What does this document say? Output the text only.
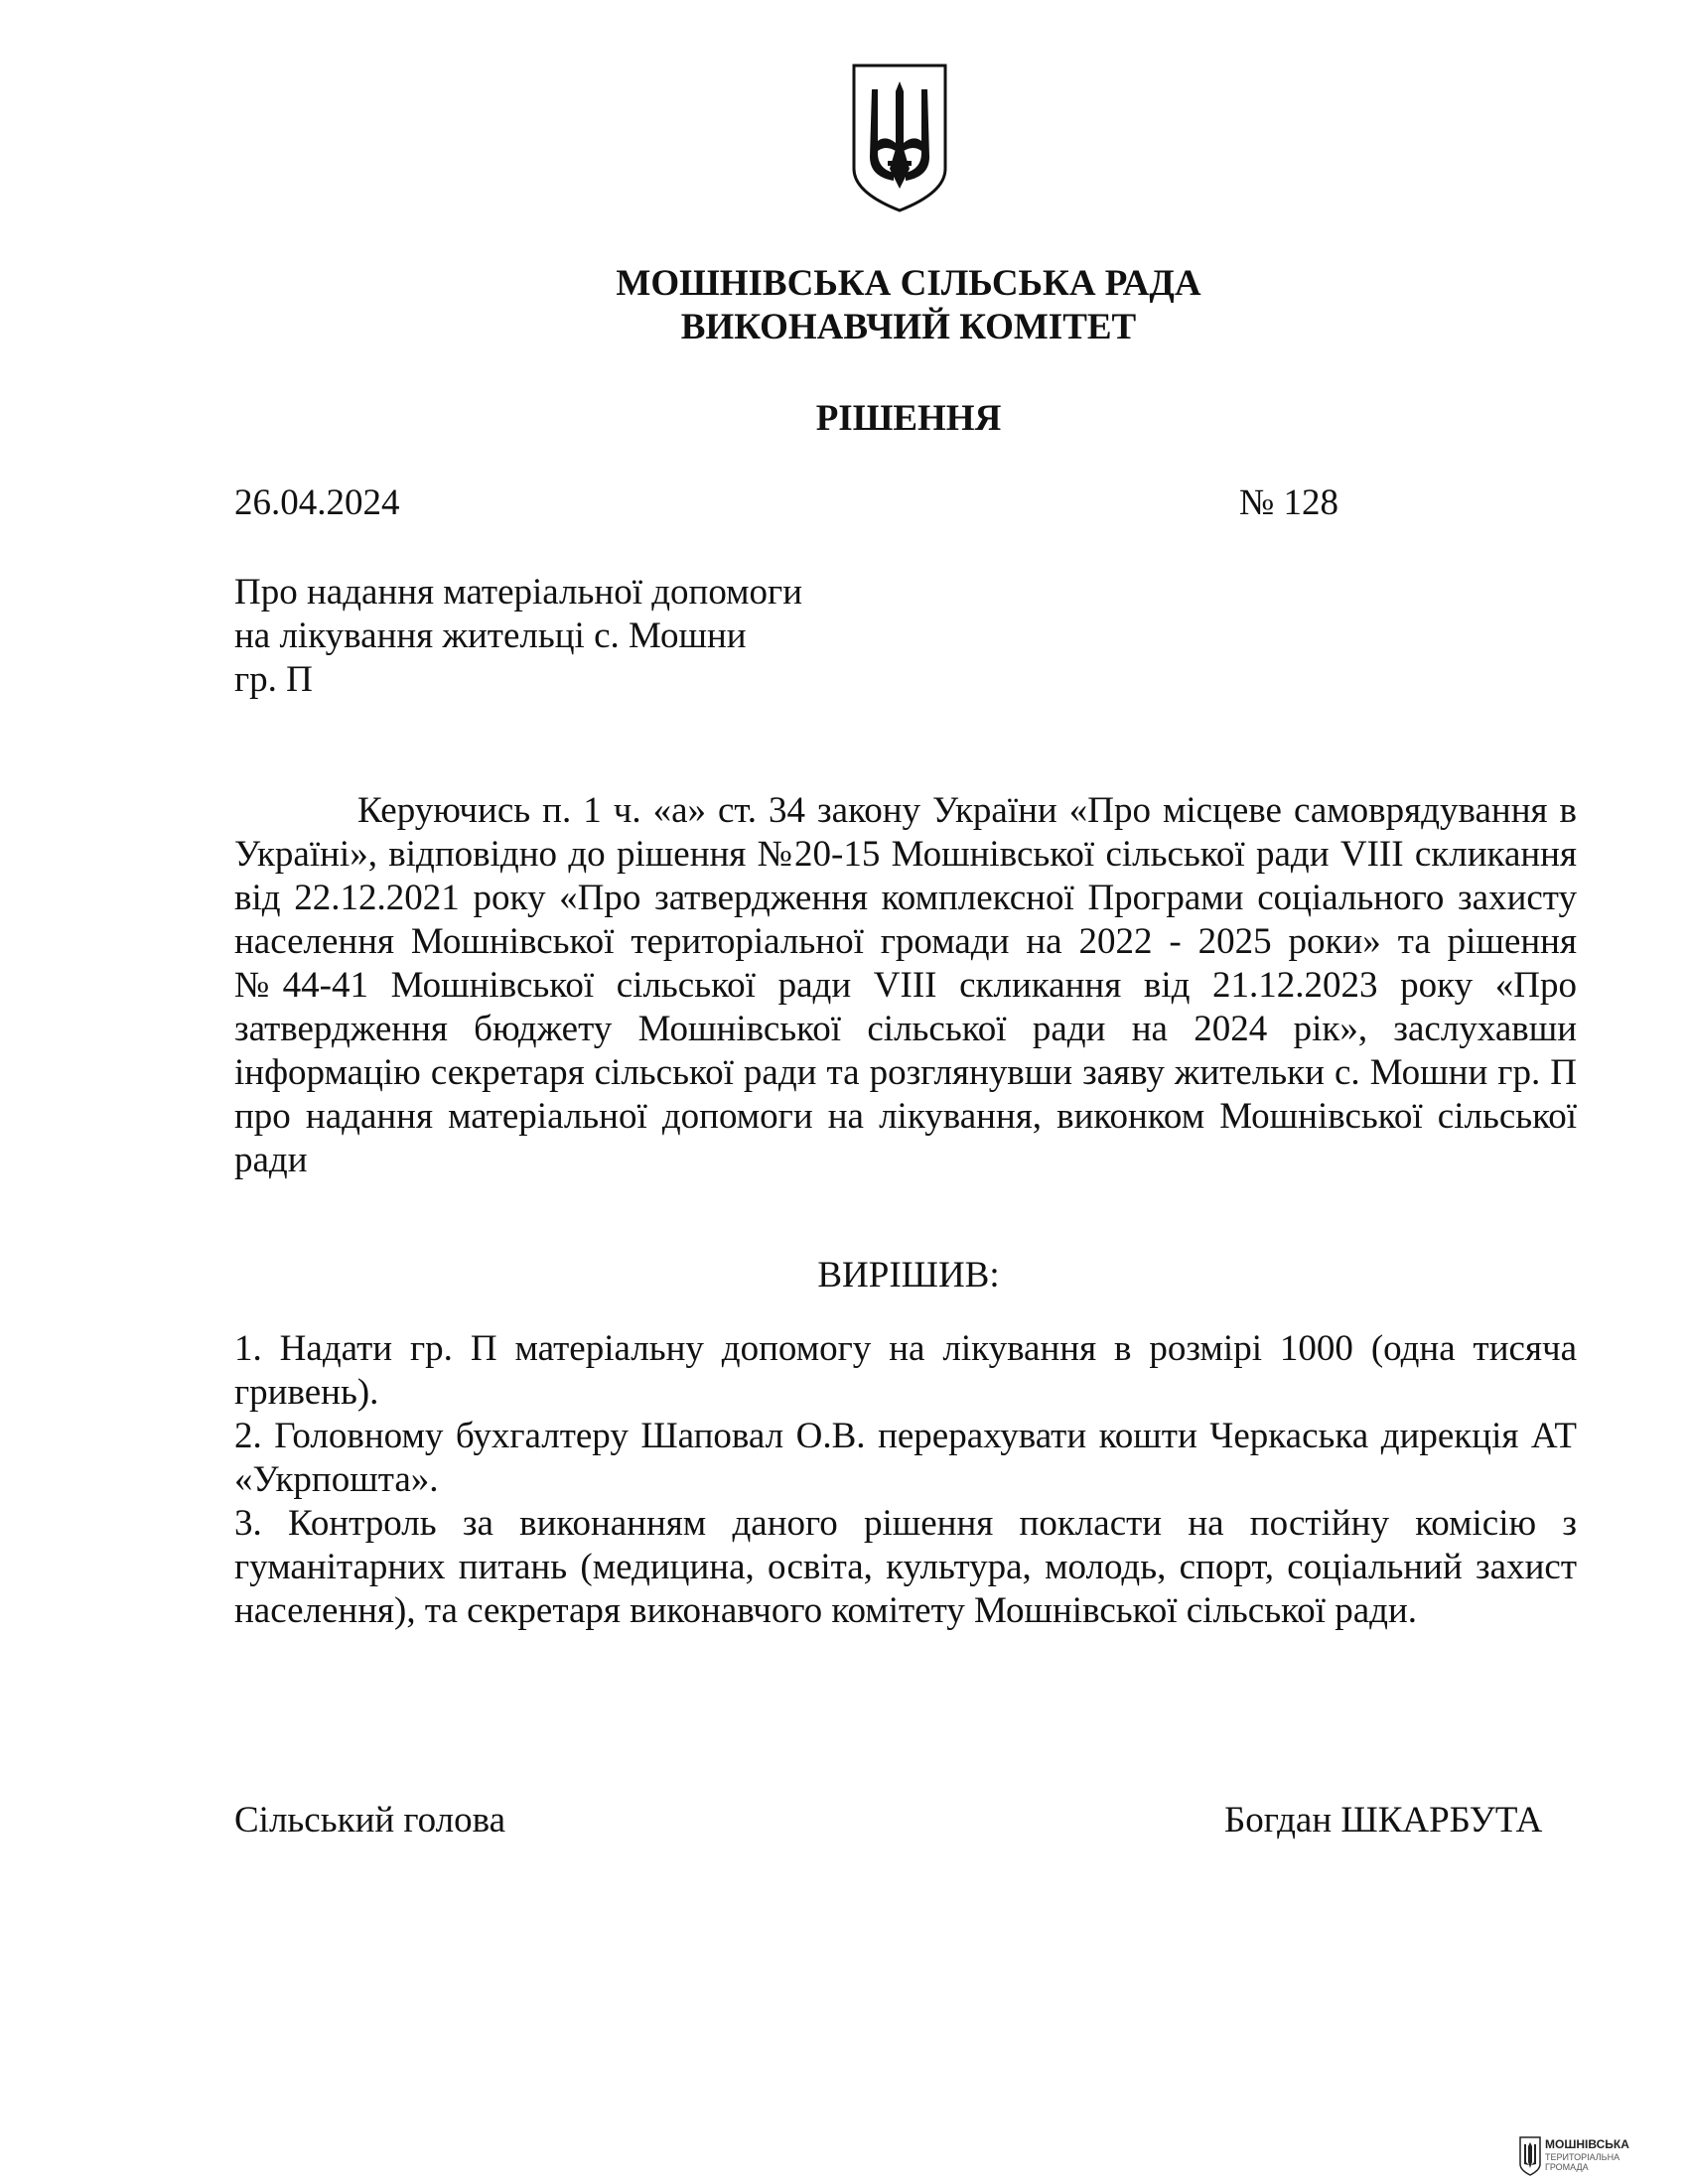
МОШНІВСЬКА СІЛЬСЬКА РАДА
ВИКОНАВЧИЙ КОМІТЕТ
РІШЕННЯ
26.04.2024	№ 128
Про надання матеріальної допомоги
на лікування жительці с. Мошни
гр. П
Керуючись п. 1 ч. «а» ст. 34 закону України «Про місцеве самоврядування в Україні», відповідно до рішення №20-15 Мошнівської сільської ради VIII скликання від 22.12.2021 року «Про затвердження комплексної Програми соціального захисту населення Мошнівської територіальної громади на 2022 - 2025 роки» та рішення №44-41 Мошнівської сільської ради VIII скликання від 21.12.2023 року «Про затвердження бюджету Мошнівської сільської ради на 2024 рік», заслухавши інформацію секретаря сільської ради та розглянувши заяву жительки с. Мошни гр. П про надання матеріальної допомоги на лікування, виконком Мошнівської сільської ради
ВИРІШИВ:

1. Надати гр. П матеріальну допомогу на лікування в розмірі 1000 (одна тисяча гривень).

2. Головному бухгалтеру Шаповал О.В. перерахувати кошти Черкаська дирекція АТ «Укрпошта».

3. Контроль за виконанням даного рішення покласти на постійну комісію з гуманітарних питань (медицина, освіта, культура, молодь, спорт, соціальний захист населення), та секретаря виконавчого комітету Мошнівської сільської ради.

Сільський голова	Богдан ШКАРБУТА
МОШНІВСЬКА
ТЕРИТОРІАЛЬНА
ГРОМАДА
